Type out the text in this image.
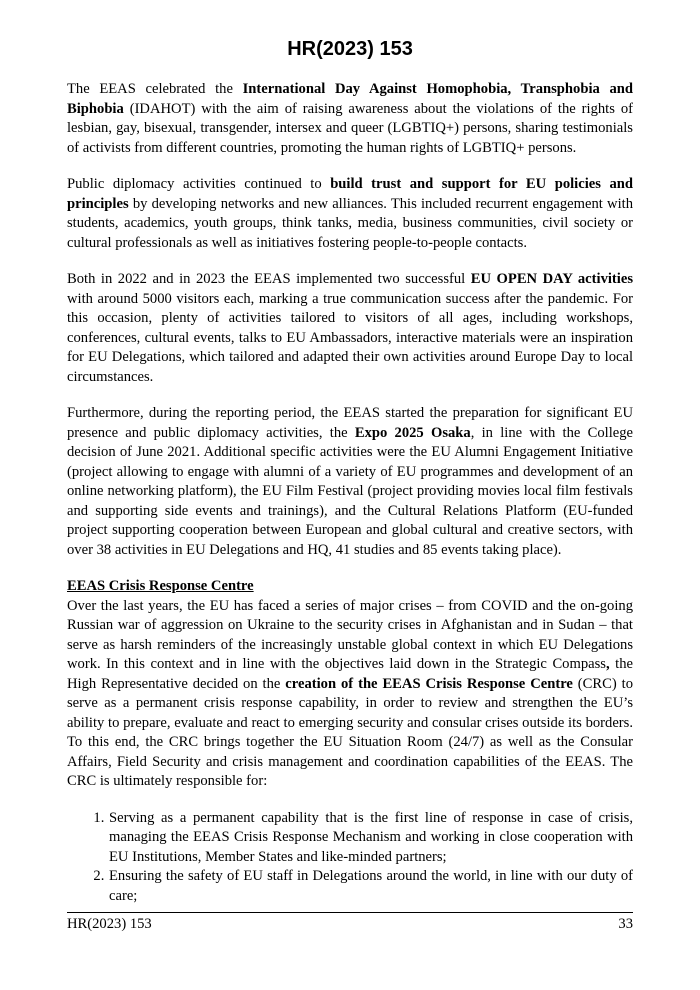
HR(2023) 153

The EEAS celebrated the International Day Against Homophobia, Transphobia and Biphobia (IDAHOT) with the aim of raising awareness about the violations of the rights of lesbian, gay, bisexual, transgender, intersex and queer (LGBTIQ+) persons, sharing testimonials of activists from different countries, promoting the human rights of LGBTIQ+ persons.

Public diplomacy activities continued to build trust and support for EU policies and principles by developing networks and new alliances. This included recurrent engagement with students, academics, youth groups, think tanks, media, business communities, civil society or cultural professionals as well as initiatives fostering people-to-people contacts.

Both in 2022 and in 2023 the EEAS implemented two successful EU OPEN DAY activities with around 5000 visitors each, marking a true communication success after the pandemic. For this occasion, plenty of activities tailored to visitors of all ages, including workshops, conferences, cultural events, talks to EU Ambassadors, interactive materials were an inspiration for EU Delegations, which tailored and adapted their own activities around Europe Day to local circumstances.

Furthermore, during the reporting period, the EEAS started the preparation for significant EU presence and public diplomacy activities, the Expo 2025 Osaka, in line with the College decision of June 2021. Additional specific activities were the EU Alumni Engagement Initiative (project allowing to engage with alumni of a variety of EU programmes and development of an online networking platform), the EU Film Festival (project providing movies local film festivals and supporting side events and trainings), and the Cultural Relations Platform (EU-funded project supporting cooperation between European and global cultural and creative sectors, with over 38 activities in EU Delegations and HQ, 41 studies and 85 events taking place).

EEAS Crisis Response Centre

Over the last years, the EU has faced a series of major crises – from COVID and the on-going Russian war of aggression on Ukraine to the security crises in Afghanistan and in Sudan – that serve as harsh reminders of the increasingly unstable global context in which EU Delegations work. In this context and in line with the objectives laid down in the Strategic Compass, the High Representative decided on the creation of the EEAS Crisis Response Centre (CRC) to serve as a permanent crisis response capability, in order to review and strengthen the EU’s ability to prepare, evaluate and react to emerging security and consular crises outside its borders. To this end, the CRC brings together the EU Situation Room (24/7) as well as the Consular Affairs, Field Security and crisis management and coordination capabilities of the EEAS. The CRC is ultimately responsible for:

1. Serving as a permanent capability that is the first line of response in case of crisis, managing the EEAS Crisis Response Mechanism and working in close cooperation with EU Institutions, Member States and like-minded partners;
2. Ensuring the safety of EU staff in Delegations around the world, in line with our duty of care;
HR(2023) 153	33
